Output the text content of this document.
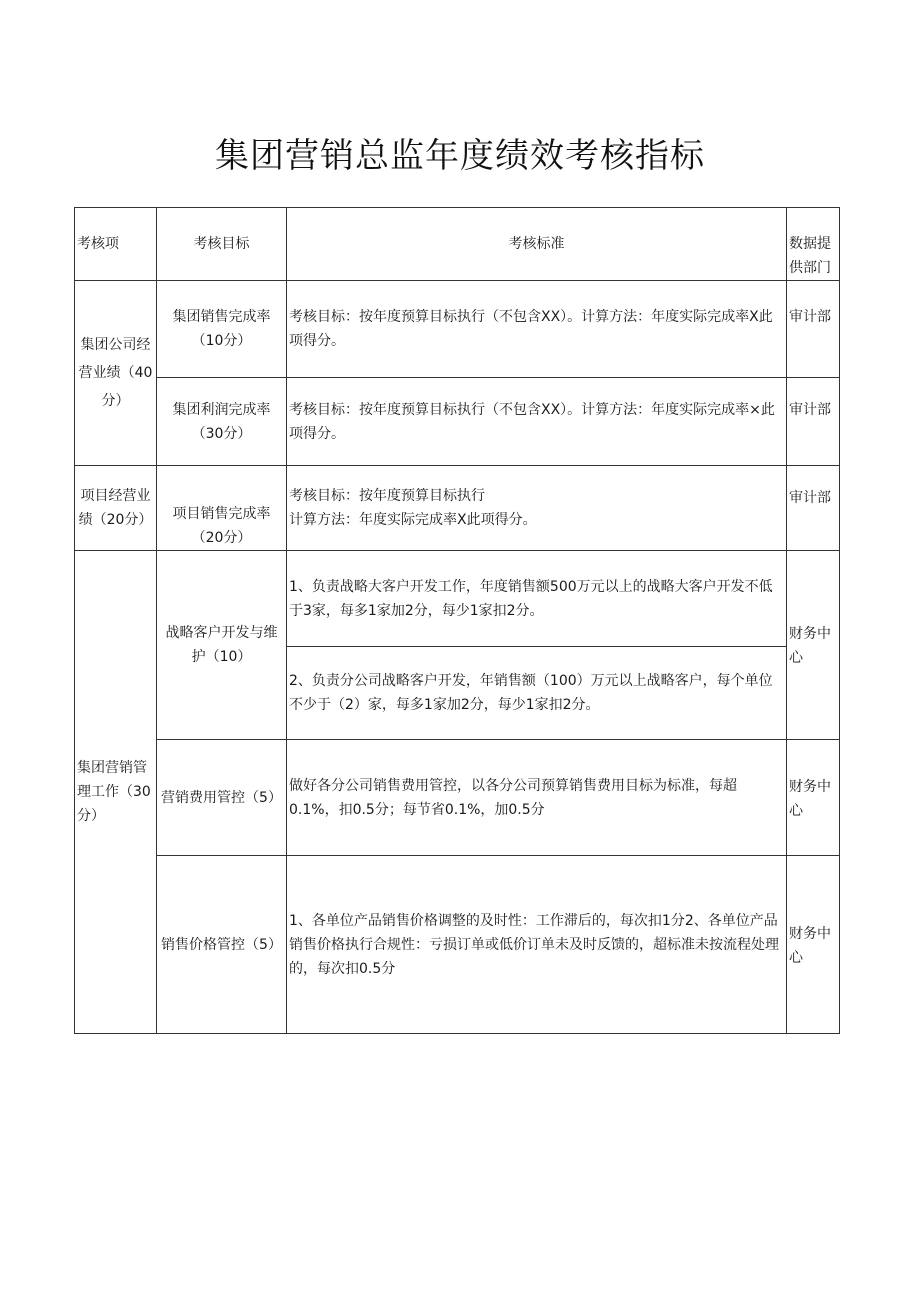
集团营销总监年度绩效考核指标
考核项	考核目标	考核标准	数据提供部门
集团公司经营业绩（40分）	集团销售完成率（10分）	考核目标：按年度预算目标执行（不包含XX）。计算方法：年度实际完成率X此项得分。	审计部
	集团利润完成率（30分）	考核目标：按年度预算目标执行（不包含XX）。计算方法：年度实际完成率×此项得分。	审计部
项目经营业绩（20分）	项目销售完成率（20分）	考核目标：按年度预算目标执行
计算方法：年度实际完成率X此项得分。	审计部
集团营销管理工作（30分）	战略客户开发与维护（10）	1、负责战略大客户开发工作，年度销售额500万元以上的战略大客户开发不低于3家，每多1家加2分，每少1家扣2分。	财务中心
		2、负责分公司战略客户开发，年销售额（100）万元以上战略客户，每个单位不少于（2）家，每多1家加2分，每少1家扣2分。	
	营销费用管控（5）	做好各分公司销售费用管控，以各分公司预算销售费用目标为标准，每超0.1%，扣0.5分；每节省0.1%，加0.5分	财务中心
	销售价格管控（5）	1、各单位产品销售价格调整的及时性：工作滞后的，每次扣1分2、各单位产品销售价格执行合规性：亏损订单或低价订单未及时反馈的，超标准未按流程处理的，每次扣0.5分	财务中心
